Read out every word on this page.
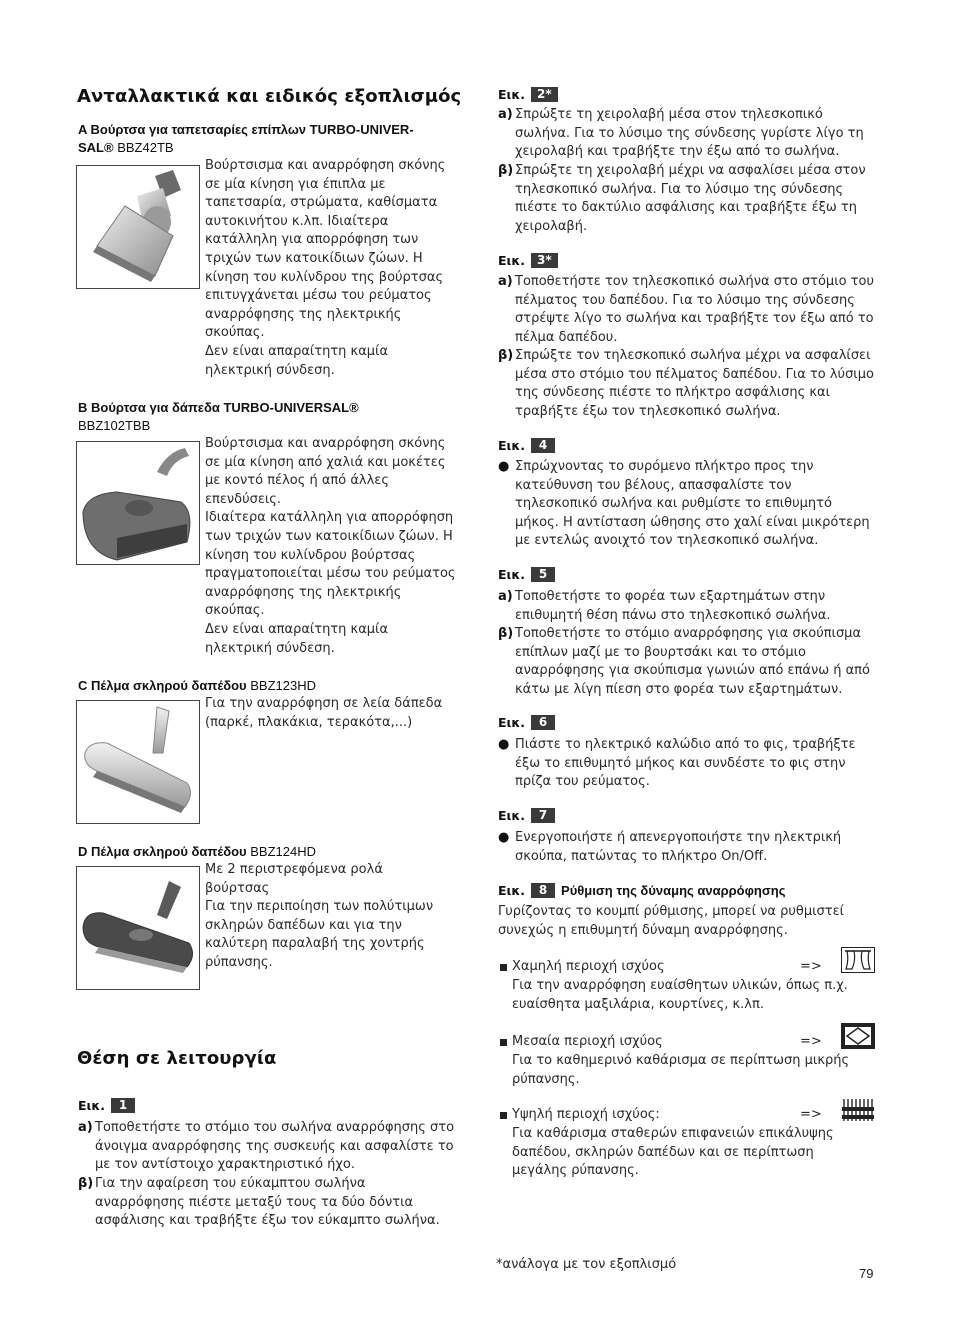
Ανταλλακτικά και ειδικός εξοπλισμός
A Βούρτσα για ταπετσαρίες επίπλων TURBO-UNIVER-
SAL® BBZ42TB
Βούρτσισμα και αναρρόφηση σκόνης
σε μία κίνηση για έπιπλα με
ταπετσαρία, στρώματα, καθίσματα
αυτοκινήτου κ.λπ. Ιδιαίτερα
κατάλληλη για απορρόφηση των
τριχών των κατοικίδιων ζώων. Η
κίνηση του κυλίνδρου της βούρτσας
επιτυγχάνεται μέσω του ρεύματος
αναρρόφησης της ηλεκτρικής
σκούπας.
Δεν είναι απαραίτητη καμία
ηλεκτρική σύνδεση.
B Βούρτσα για δάπεδα TURBO-UNIVERSAL®
BBZ102TBB
Βούρτσισμα και αναρρόφηση σκόνης
σε μία κίνηση από χαλιά και μοκέτες
με κοντό πέλος ή από άλλες
επενδύσεις.
Ιδιαίτερα κατάλληλη για απορρόφηση
των τριχών των κατοικίδιων ζώων. Η
κίνηση του κυλίνδρου βούρτσας
πραγματοποιείται μέσω του ρεύματος
αναρρόφησης της ηλεκτρικής
σκούπας.
Δεν είναι απαραίτητη καμία
ηλεκτρική σύνδεση.
C Πέλμα σκληρού δαπέδου BBZ123HD
Για την αναρρόφηση σε λεία δάπεδα
(παρκέ, πλακάκια, τερακότα,...)
D Πέλμα σκληρού δαπέδου BBZ124HD
Με 2 περιστρεφόμενα ρολά
βούρτσας
Για την περιποίηση των πολύτιμων
σκληρών δαπέδων και για την
καλύτερη παραλαβή της χοντρής
ρύπανσης.
Θέση σε λειτουργία
Εικ.	1
a) Τοποθετήστε το στόμιο του σωλήνα αναρρόφησης στο
άνοιγμα αναρρόφησης της συσκευής και ασφαλίστε το
με τον αντίστοιχο χαρακτηριστικό ήχο.
β) Για την αφαίρεση του εύκαμπτου σωλήνα
αναρρόφησης πιέστε μεταξύ τους τα δύο δόντια
ασφάλισης και τραβήξτε έξω τον εύκαμπτο σωλήνα.
Εικ.	2*
a) Σπρώξτε τη χειρολαβή μέσα στον τηλεσκοπικό
σωλήνα. Για το λύσιμο της σύνδεσης γυρίστε λίγο τη
χειρολαβή και τραβήξτε την έξω από το σωλήνα.
β) Σπρώξτε τη χειρολαβή μέχρι να ασφαλίσει μέσα στον
τηλεσκοπικό σωλήνα. Για το λύσιμο της σύνδεσης
πιέστε το δακτύλιο ασφάλισης και τραβήξτε έξω τη
χειρολαβή.
Εικ.	3*
a) Τοποθετήστε τον τηλεσκοπικό σωλήνα στο στόμιο του
πέλματος του δαπέδου. Για το λύσιμο της σύνδεσης
στρέψτε λίγο το σωλήνα και τραβήξτε τον έξω από το
πέλμα δαπέδου.
β) Σπρώξτε τον τηλεσκοπικό σωλήνα μέχρι να ασφαλίσει
μέσα στο στόμιο του πέλματος δαπέδου. Για το λύσιμο
της σύνδεσης πιέστε το πλήκτρο ασφάλισης και
τραβήξτε έξω τον τηλεσκοπικό σωλήνα.
Εικ.	4
● Σπρώχνοντας το συρόμενο πλήκτρο προς την
κατεύθυνση του βέλους, απασφαλίστε τον
τηλεσκοπικό σωλήνα και ρυθμίστε το επιθυμητό
μήκος. Η αντίσταση ώθησης στο χαλί είναι μικρότερη
με εντελώς ανοιχτό τον τηλεσκοπικό σωλήνα.
Εικ.	5
a) Τοποθετήστε το φορέα των εξαρτημάτων στην
επιθυμητή θέση πάνω στο τηλεσκοπικό σωλήνα.
β) Τοποθετήστε το στόμιο αναρρόφησης για σκούπισμα
επίπλων μαζί με το βουρτσάκι και το στόμιο
αναρρόφησης για σκούπισμα γωνιών από επάνω ή από
κάτω με λίγη πίεση στο φορέα των εξαρτημάτων.
Εικ.	6
● Πιάστε το ηλεκτρικό καλώδιο από το φις, τραβήξτε
έξω το επιθυμητό μήκος και συνδέστε το φις στην
πρίζα του ρεύματος.
Εικ.	7
● Ενεργοποιήστε ή απενεργοποιήστε την ηλεκτρική
σκούπα, πατώντας το πλήκτρο On/Off.
Εικ.	8	Ρύθμιση της δύναμης αναρρόφησης
Γυρίζοντας το κουμπί ρύθμισης, μπορεί να ρυθμιστεί
συνεχώς η επιθυμητή δύναμη αναρρόφησης.
Χαμηλή περιοχή ισχύος	=>
Για την αναρρόφηση ευαίσθητων υλικών, όπως π.χ.
ευαίσθητα μαξιλάρια, κουρτίνες, κ.λπ.
Μεσαία περιοχή ισχύος	=>
Για το καθημερινό καθάρισμα σε περίπτωση μικρής
ρύπανσης.
Υψηλή περιοχή ισχύος:	=>
Για καθάρισμα σταθερών επιφανειών επικάλυψης
δαπέδου, σκληρών δαπέδων και σε περίπτωση
μεγάλης ρύπανσης.
*ανάλογα με τον εξοπλισμό
79
